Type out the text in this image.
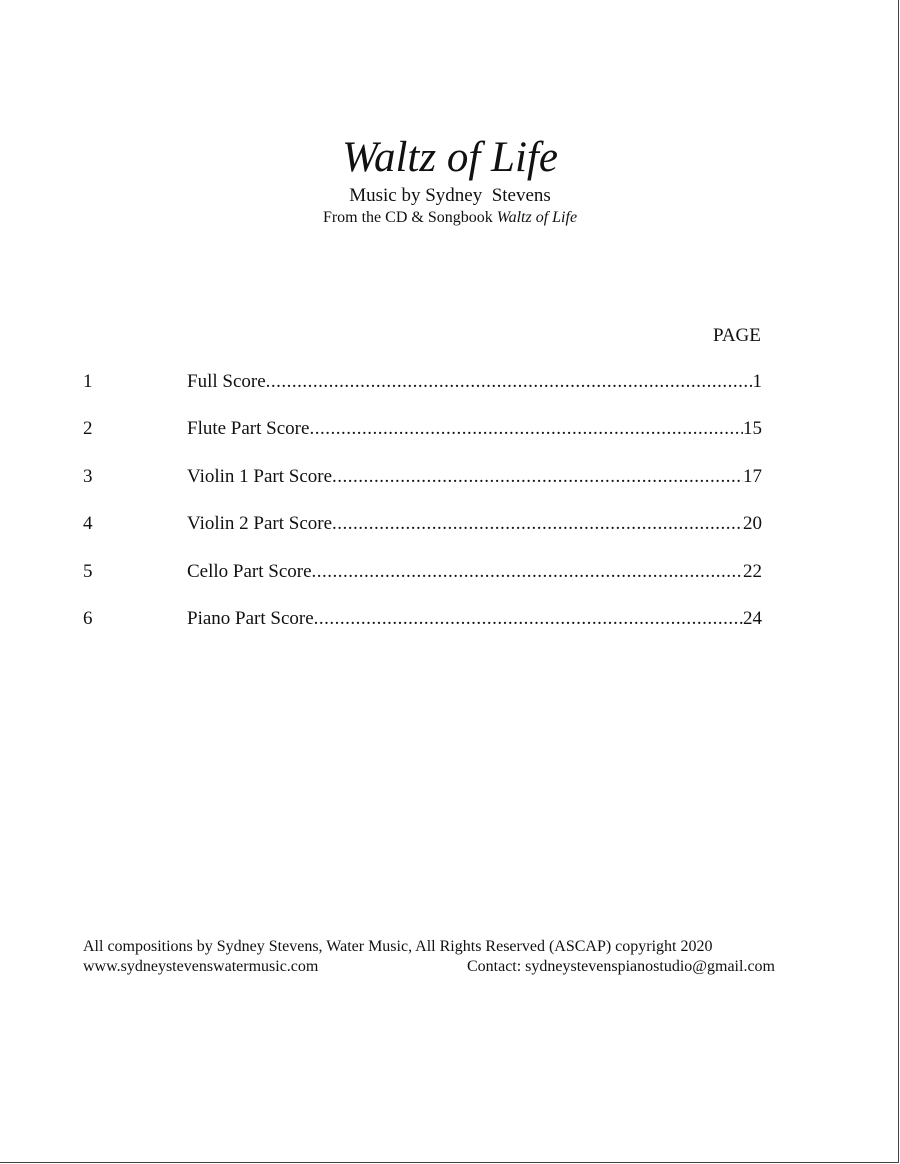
Waltz of Life
Music by Sydney  Stevens
From the CD & Songbook Waltz of Life
PAGE
1	Full Score .....	1
2	Flute Part Score .....	15
3	Violin 1 Part Score .....	17
4	Violin 2 Part Score .....	20
5	Cello Part Score .....	22
6	Piano Part Score .....	24
All compositions by Sydney Stevens, Water Music, All Rights Reserved (ASCAP) copyright 2020
www.sydneystevenswatermusic.com	Contact: sydneystevenspianostudio@gmail.com
